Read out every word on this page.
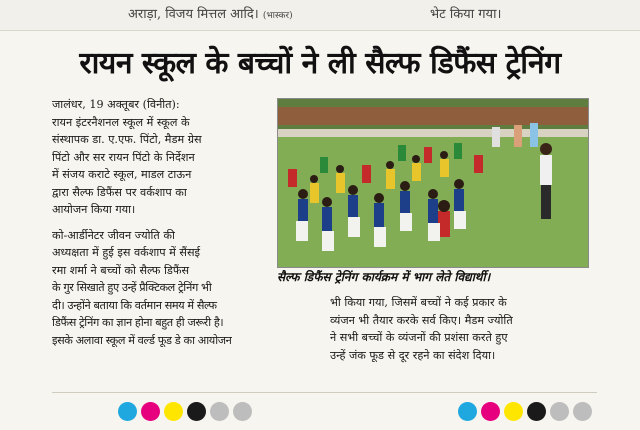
अराड़ा, विजय मित्तल आदि। (भास्कर)	भेट किया गया।
रायन स्कूल के बच्चों ने ली सैल्फ डिफैंस ट्रेनिंग
जालंधर, 19 अक्तूबर (विनीत):
रायन इंटरनैशनल स्कूल में स्कूल के
संस्थापक डा. ए.एफ. पिंटो, मैडम ग्रेस
पिंटो और सर रायन पिंटो के निर्देशन
में संजय कराटे स्कूल, माडल टाऊन
द्वारा सैल्फ डिफैंस पर वर्कशाप का
आयोजन किया गया।
को-आर्डीनेटर जीवन ज्योति की
अध्यक्षता में हुई इस वर्कशाप में सैंसई
रमा शर्मा ने बच्चों को सैल्फ डिफैंस
के गुर सिखाते हुए उन्हें प्रैक्टिकल ट्रेनिंग भी
दी। उन्होंने बताया कि वर्तमान समय में सैल्फ
डिफैंस ट्रेनिंग का ज्ञान होना बहुत ही जरूरी है।
इसके अलावा स्कूल में वर्ल्ड फूड डे का आयोजन
सैल्फ डिफैंस ट्रेनिंग कार्यक्रम में भाग लेते विद्यार्थी।
भी किया गया, जिसमें बच्चों ने कई प्रकार के
व्यंजन भी तैयार करके सर्व किए। मैडम ज्योति
ने सभी बच्चों के व्यंजनों की प्रशंसा करते हुए
उन्हें जंक फूड से दूर रहने का संदेश दिया।
